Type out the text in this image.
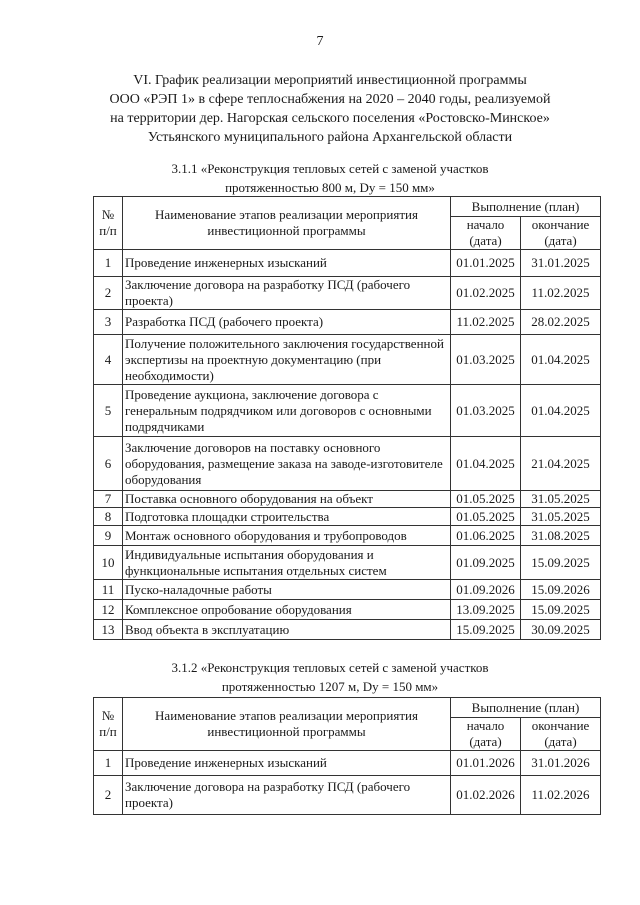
7
VI. График реализации мероприятий инвестиционной программы
ООО «РЭП 1» в сфере теплоснабжения на 2020 – 2040 годы, реализуемой
на территории дер. Нагорская сельского поселения «Ростовско-Минское»
Устьянского муниципального района Архангельской области
3.1.1 «Реконструкция тепловых сетей с заменой участков
протяженностью 800 м, Dy = 150 мм»
№ п/п	Наименование этапов реализации мероприятия инвестиционной программы	Выполнение (план)	
		начало (дата)	окончание (дата)
1	Проведение инженерных изысканий	01.01.2025	31.01.2025
2	Заключение договора на разработку ПСД (рабочего проекта)	01.02.2025	11.02.2025
3	Разработка ПСД (рабочего проекта)	11.02.2025	28.02.2025
4	Получение положительного заключения государственной экспертизы на проектную документацию (при необходимости)	01.03.2025	01.04.2025
5	Проведение аукциона, заключение договора с генеральным подрядчиком или договоров с основными подрядчиками	01.03.2025	01.04.2025
6	Заключение договоров на поставку основного оборудования, размещение заказа на заводе-изготовителе оборудования	01.04.2025	21.04.2025
7	Поставка основного оборудования на объект	01.05.2025	31.05.2025
8	Подготовка площадки строительства	01.05.2025	31.05.2025
9	Монтаж основного оборудования и трубопроводов	01.06.2025	31.08.2025
10	Индивидуальные испытания оборудования и функциональные испытания отдельных систем	01.09.2025	15.09.2025
11	Пуско-наладочные работы	01.09.2026	15.09.2026
12	Комплексное опробование оборудования	13.09.2025	15.09.2025
13	Ввод объекта в эксплуатацию	15.09.2025	30.09.2025
3.1.2 «Реконструкция тепловых сетей с заменой участков
протяженностью 1207 м, Dy = 150 мм»
№ п/п	Наименование этапов реализации мероприятия инвестиционной программы	Выполнение (план)	
		начало (дата)	окончание (дата)
1	Проведение инженерных изысканий	01.01.2026	31.01.2026
2	Заключение договора на разработку ПСД (рабочего проекта)	01.02.2026	11.02.2026
